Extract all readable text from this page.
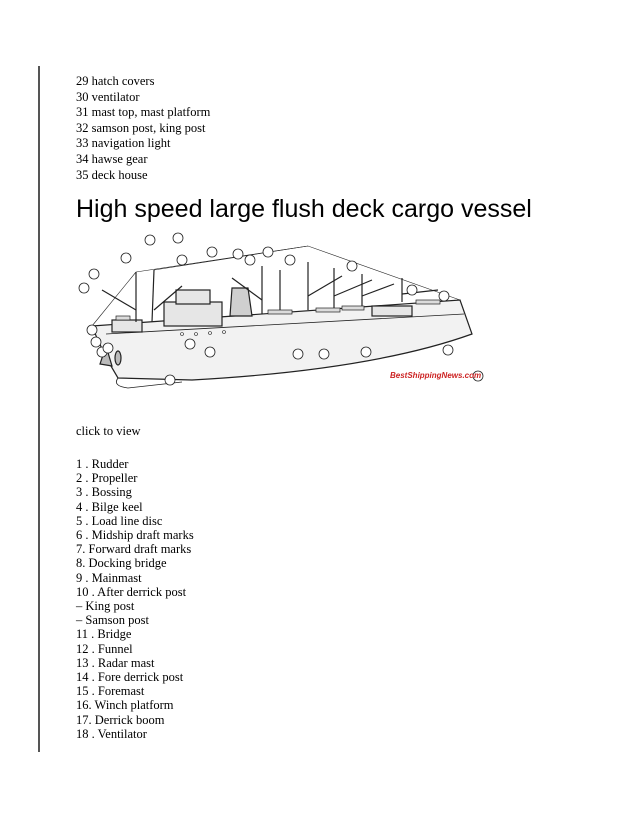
29 hatch covers
30 ventilator
31 mast top, mast platform
32 samson post, king post
33 navigation light
34 hawse gear
35 deck house
High speed large flush deck cargo vessel
BestShippingNews.com

click to view

1 . Rudder
2 . Propeller
3 . Bossing
4 . Bilge keel
5 . Load line disc
6 . Midship draft marks
7. Forward draft marks
8. Docking bridge
9 . Mainmast
10 . After derrick post
– King post
– Samson post
11 . Bridge
12 . Funnel
13 . Radar mast
14 . Fore derrick post
15 . Foremast
16. Winch platform
17. Derrick boom
18 . Ventilator
